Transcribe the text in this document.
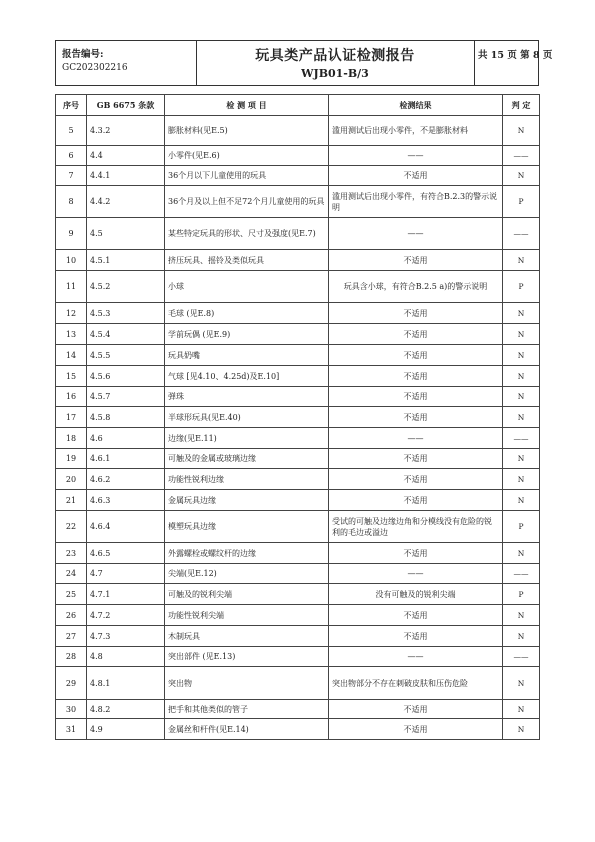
报告编号:
GC202302216
玩具类产品认证检测报告
WJB01-B/3
共 15 页 第 8 页
序号	GB 6675 条款	检 测 项 目	检测结果	判 定
5	4.3.2	膨胀材料(见E.5)	滥用测试后出现小零件，不是膨胀材料	N
6	4.4	小零件(见E.6)	——	——
7	4.4.1	36个月以下儿童使用的玩具	不适用	N
8	4.4.2	36个月及以上但不足72个月儿童使用的玩具	滥用测试后出现小零件，有符合B.2.3的警示说明	P
9	4.5	某些特定玩具的形状、尺寸及强度(见E.7)	——	——
10	4.5.1	挤压玩具、摇铃及类似玩具	不适用	N
11	4.5.2	小球	玩具含小球，有符合B.2.5 a)的警示说明	P
12	4.5.3	毛球 (见E.8)	不适用	N
13	4.5.4	学前玩偶 (见E.9)	不适用	N
14	4.5.5	玩具奶嘴	不适用	N
15	4.5.6	气球 [见4.10、4.25d)及E.10]	不适用	N
16	4.5.7	弹珠	不适用	N
17	4.5.8	半球形玩具(见E.40)	不适用	N
18	4.6	边缘(见E.11)	——	——
19	4.6.1	可触及的金属或玻璃边缘	不适用	N
20	4.6.2	功能性锐利边缘	不适用	N
21	4.6.3	金属玩具边缘	不适用	N
22	4.6.4	模塑玩具边缘	受试的可触及边缘边角和分模线没有危险的锐利的毛边或溢边	P
23	4.6.5	外露螺栓或螺纹杆的边缘	不适用	N
24	4.7	尖端(见E.12)	——	——
25	4.7.1	可触及的锐利尖端	没有可触及的锐利尖端	P
26	4.7.2	功能性锐利尖端	不适用	N
27	4.7.3	木制玩具	不适用	N
28	4.8	突出部件 (见E.13)	——	——
29	4.8.1	突出物	突出物部分不存在刺破皮肤和压伤危险	N
30	4.8.2	把手和其他类似的管子	不适用	N
31	4.9	金属丝和杆件(见E.14)	不适用	N
